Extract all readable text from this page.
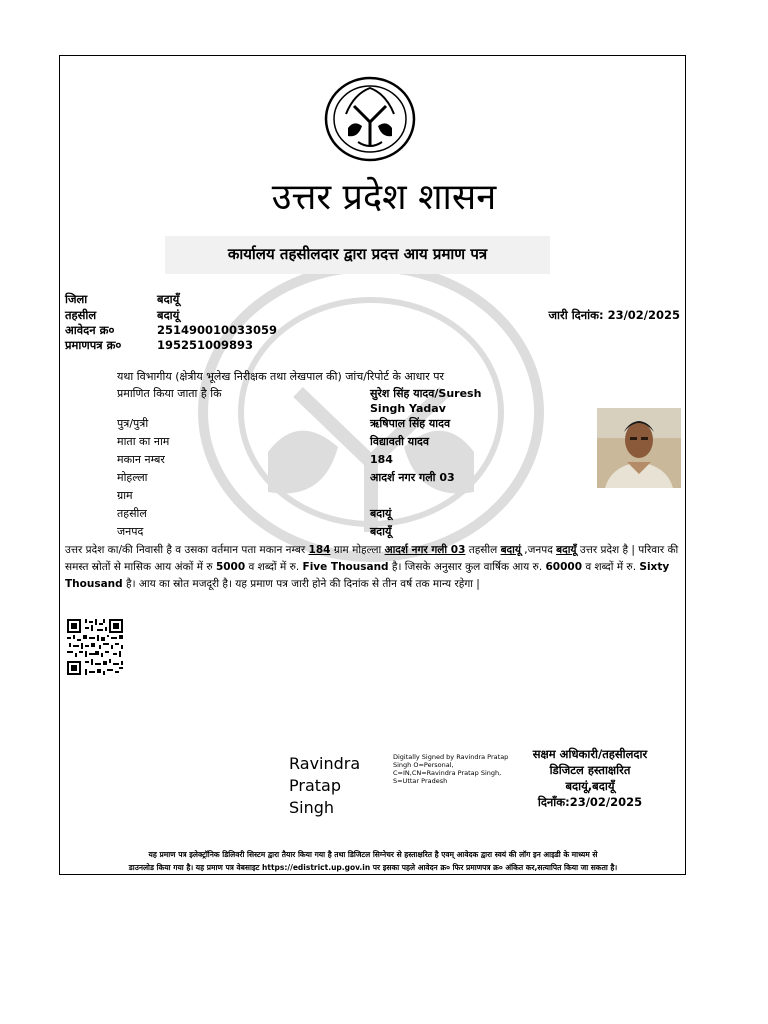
उत्तर प्रदेश शासन
कार्यालय तहसीलदार द्वारा प्रदत्त आय प्रमाण पत्र
जिला	बदायूँ
तहसील	बदायूं
आवेदन क्र०	251490010033059
प्रमाणपत्र क्र०	195251009893
जारी दिनांक: 23/02/2025
यथा विभागीय (क्षेत्रीय भूलेख निरीक्षक तथा लेखपाल की) जांच/रिपोर्ट के आधार पर
प्रमाणित किया जाता है कि	सुरेश सिंह यादव/Suresh Singh Yadav
पुत्र/पुत्री	ऋषिपाल सिंह यादव
माता का नाम	विद्यावती यादव
मकान नम्बर	184
मोहल्ला	आदर्श नगर गली 03
ग्राम
तहसील	बदायूं
जनपद	बदायूँ
उत्तर प्रदेश का/की निवासी है व उसका वर्तमान पता मकान नम्बर 184 ग्राम मोहल्ला आदर्श नगर गली 03 तहसील बदायूं ,जनपद बदायूँ उत्तर प्रदेश है | परिवार की समस्त स्रोतों से मासिक आय अंकों में रु 5000 व शब्दों में रु. Five Thousand है। जिसके अनुसार कुल वार्षिक आय रु. 60000 व शब्दों में रु. Sixty Thousand है। आय का स्रोत मजदूरी है। यह प्रमाण पत्र जारी होने की दिनांक से तीन वर्ष तक मान्य रहेगा |
Ravindra
Pratap
Singh
Digitally Signed by Ravindra Pratap Singh O=Personal, C=IN,CN=Ravindra Pratap Singh, S=Uttar Pradesh
सक्षम अधिकारी/तहसीलदार
डिजिटल हस्ताक्षरित
बदायूं,बदायूँ
दिनाँक:23/02/2025
यह प्रमाण पत्र इलेक्ट्रॉनिक डिलिवरी सिस्टम द्वारा तैयार किया गया है तथा डिजिटल सिग्नेचर से हस्ताक्षरित है एवम् आवेदक द्वारा स्वयं की लॉग इन आइडी के माध्यम से
डाउनलोड किया गया है। यह प्रमाण पत्र वेबसाइट https://edistrict.up.gov.in पर इसका पहले आवेदन क्र० फिर प्रमाणपत्र क्र० अंकित कर,सत्यापित किया जा सकता है।
